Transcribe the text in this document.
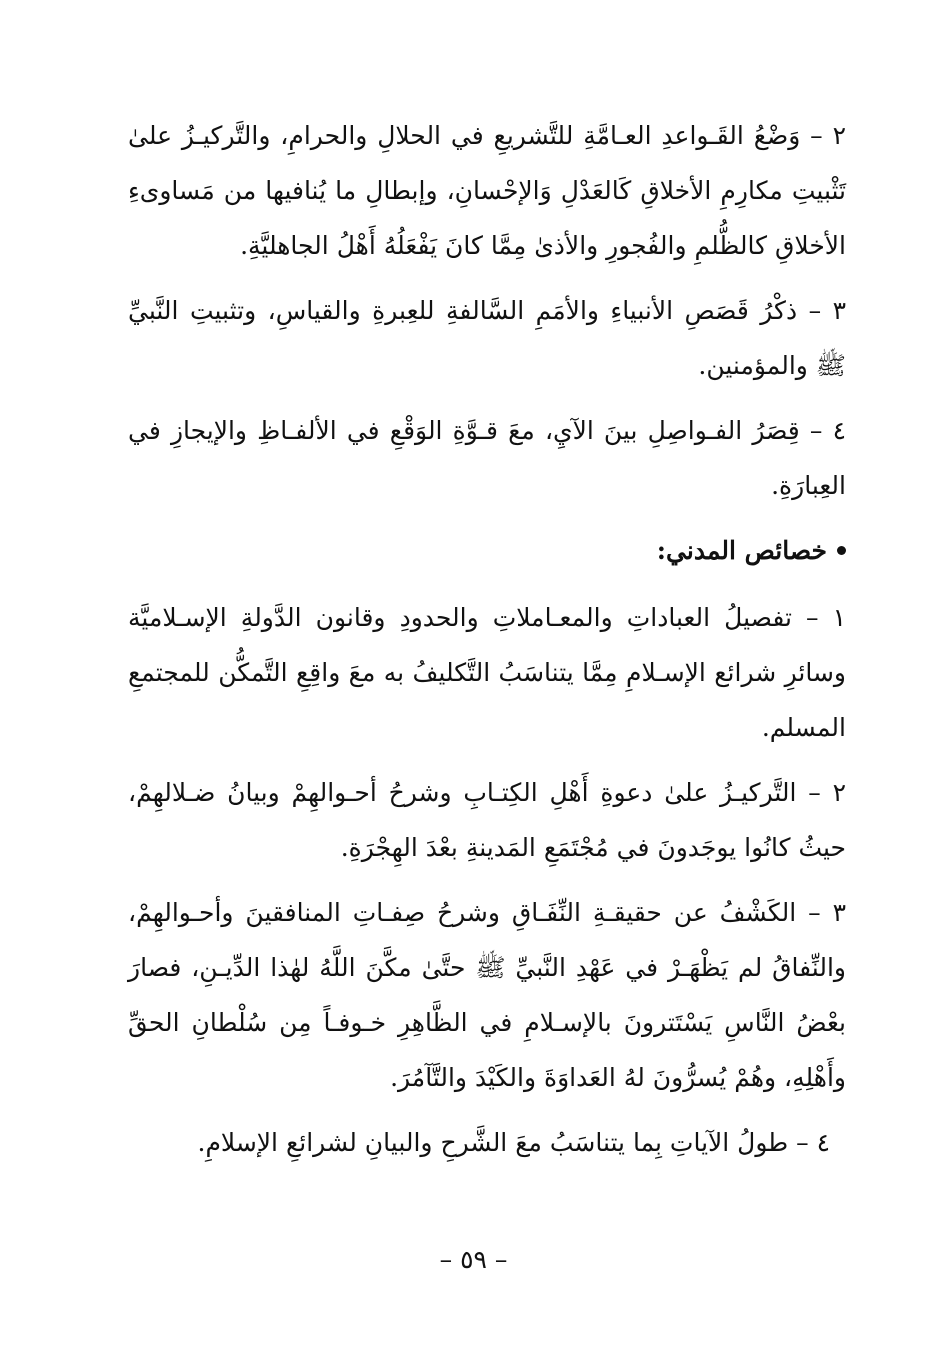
٢ – وَضْعُ القَـواعدِ العـامَّةِ للتَّشريعِ في الحلالِ والحرامِ، والتَّركيـزُ علىٰ تَثْبيتِ مكارِمِ الأخلاقِ كَالعَدْلِ وَالإحْسانِ، وإبطالِ ما يُنافيها من مَساوىءِ الأخلاقِ كالظُّلمِ والفُجورِ والأذىٰ مِمَّا كانَ يَفْعَلُهُ أَهْلُ الجاهليَّةِ.

٣ – ذكْرُ قَصَصِ الأنبياءِ والأمَمِ السَّالفةِ للعِبرةِ والقياسِ، وتثبيتِ النَّبيِّ ﷺ والمؤمنين.

٤ – قِصَرُ الفـواصِلِ بينَ الآيِ، معَ قـوَّةِ الوَقْعِ في الألفـاظِ والإيجازِ في العِبارَةِ.

خصائص المدني:

١ – تفصيلُ العباداتِ والمعـاملاتِ والحدودِ وقانون الدَّولةِ الإسـلاميَّة وسائرِ شرائع الإسـلامِ مِمَّا يتناسَبُ التَّكليفُ به معَ واقِعِ التَّمكُّن للمجتمعِ المسلم.

٢ – التَّركيـزُ علىٰ دعوةِ أَهْلِ الكِتـابِ وشرحُ أحـوالهِمْ وبيانُ ضـلالهِمْ، حيثُ كانُوا يوجَدونَ في مُجْتَمَعِ المَدينةِ بعْدَ الهِجْرَةِ.

٣ – الكَشْفُ عن حقيقـةِ النِّفَـاقِ وشرحُ صِفـاتِ المنافقينَ وأحـوالهِمْ، والنِّفاقُ لم يَظْهَـرْ في عَهْدِ النَّبيِّ ﷺ حتَّىٰ مكَّنَ اللَّهُ لهٰذا الدِّيـنِ، فصارَ بعْضُ النَّاسِ يَسْتَترونَ بالإسـلامِ في الظَّاهِرِ خـوفـاً مِن سُلْطانِ الحقِّ وأَهْلِهِ، وهُمْ يُسرُّونَ لهُ العَداوَةَ والكَيْدَ والتَّآمُرَ.

٤ – طولُ الآياتِ بِما يتناسَبُ معَ الشَّرحِ والبيانِ لشرائعِ الإسلامِ.

– ٥٩ –
